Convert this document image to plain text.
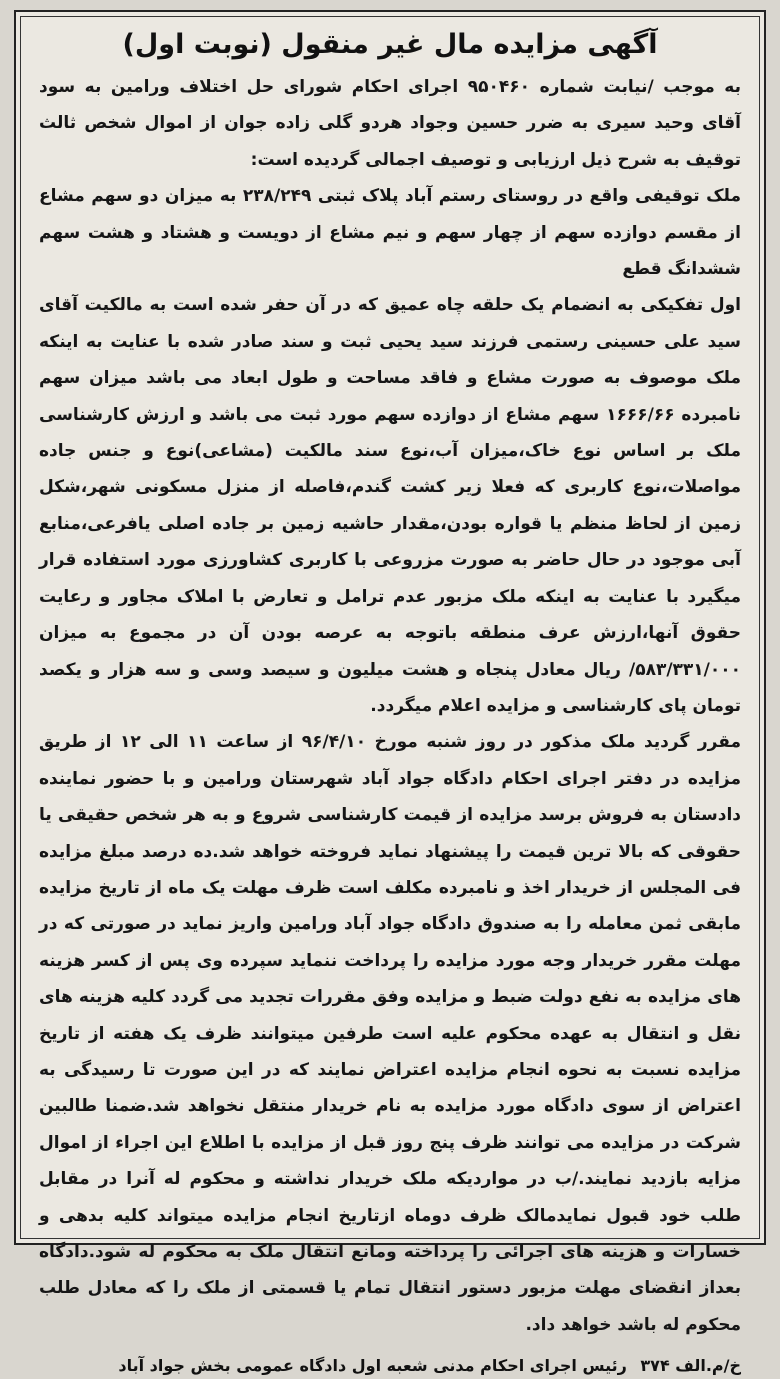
آگهی مزایده مال غیر منقول (نوبت اول)

به موجب /نیابت شماره ۹۵۰۴۶۰ اجرای احکام شورای حل اختلاف ورامین به سود آقای وحید سیری به ضرر حسین وجواد هردو گلی زاده جوان از اموال شخص ثالث توقیف به شرح ذیل ارزیابی و توصیف اجمالی گردیده است:

ملک توقیفی واقع در روستای رستم آباد پلاک ثبتی ۲۳۸/۲۴۹ به میزان دو سهم مشاع از مقسم دوازده سهم از چهار سهم و نیم مشاع از دویست و هشتاد و هشت سهم ششدانگ قطع

اول تفکیکی به انضمام یک حلقه چاه عمیق که در آن حفر شده است به مالکیت آقای سید علی حسینی رستمی فرزند سید یحیی ثبت و سند صادر شده با عنایت به اینکه ملک موصوف به صورت مشاع و فاقد مساحت و طول ابعاد می باشد میزان سهم نامبرده ۱۶۶۶/۶۶ سهم مشاع از دوازده سهم مورد ثبت می باشد و ارزش کارشناسی ملک بر اساس نوع خاک،میزان آب،نوع سند مالکیت (مشاعی)نوع و جنس جاده مواصلات،نوع کاربری که فعلا زیر کشت گندم،فاصله از منزل مسکونی شهر،شکل زمین از لحاظ منظم یا قواره بودن،مقدار حاشیه زمین بر جاده اصلی یافرعی،منابع آبی موجود در حال حاضر به صورت مزروعی با کاربری کشاورزی مورد استفاده قرار میگیرد با عنایت به اینکه ملک مزبور عدم ترامل و تعارض با املاک مجاور و رعایت حقوق آنها،ارزش عرف منطقه باتوجه به عرصه بودن آن در مجموع به میزان ۵۸۳/۳۳۱/۰۰۰/ ریال معادل پنجاه و هشت میلیون و سیصد وسی و سه هزار و یکصد تومان پای کارشناسی و مزایده اعلام میگردد.

مقرر گردید ملک مذکور در روز شنبه مورخ ۹۶/۴/۱۰ از ساعت ۱۱ الی ۱۲ از طریق مزایده در دفتر اجرای احکام دادگاه جواد آباد شهرستان ورامین و با حضور نماینده دادستان به فروش برسد مزایده از قیمت کارشناسی شروع و به هر شخص حقیقی یا حقوقی که بالا ترین قیمت را پیشنهاد نماید فروخته خواهد شد.ده درصد مبلغ مزایده فی المجلس از خریدار اخذ و نامبرده مکلف است ظرف مهلت یک ماه از تاریخ مزایده مابقی ثمن معامله را به صندوق دادگاه جواد آباد ورامین واریز نماید در صورتی که در مهلت مقرر خریدار وجه مورد مزایده را پرداخت ننماید سپرده وی پس از کسر هزینه های مزایده به نفع دولت ضبط و مزایده وفق مقررات تجدید می گردد کلیه هزینه های نقل و انتقال به عهده محکوم علیه است طرفین میتوانند ظرف یک هفته از تاریخ مزایده نسبت به نحوه انجام مزایده اعتراض نمایند که در این صورت تا رسیدگی به اعتراض از سوی دادگاه مورد مزایده به نام خریدار منتقل نخواهد شد.ضمنا طالبین شرکت در مزایده می توانند ظرف پنج روز قبل از مزایده با اطلاع این اجراء از اموال مزایه بازدید نمایند./ب در مواردیکه ملک خریدار نداشته و محکوم له آنرا در مقابل طلب خود قبول نمایدمالک ظرف دوماه ازتاریخ انجام مزایده میتواند کلیه بدهی و خسارات و هزینه های اجرائی را پرداخته ومانع انتقال ملک به محکوم له شود.دادگاه بعداز انقضای مهلت مزبور دستور انتقال تمام یا قسمتی از ملک را که معادل طلب محکوم له باشد خواهد داد.

خ/م.الف ۳۷۴ رئیس اجرای احکام مدنی شعبه اول دادگاه عمومی بخش جواد آباد
